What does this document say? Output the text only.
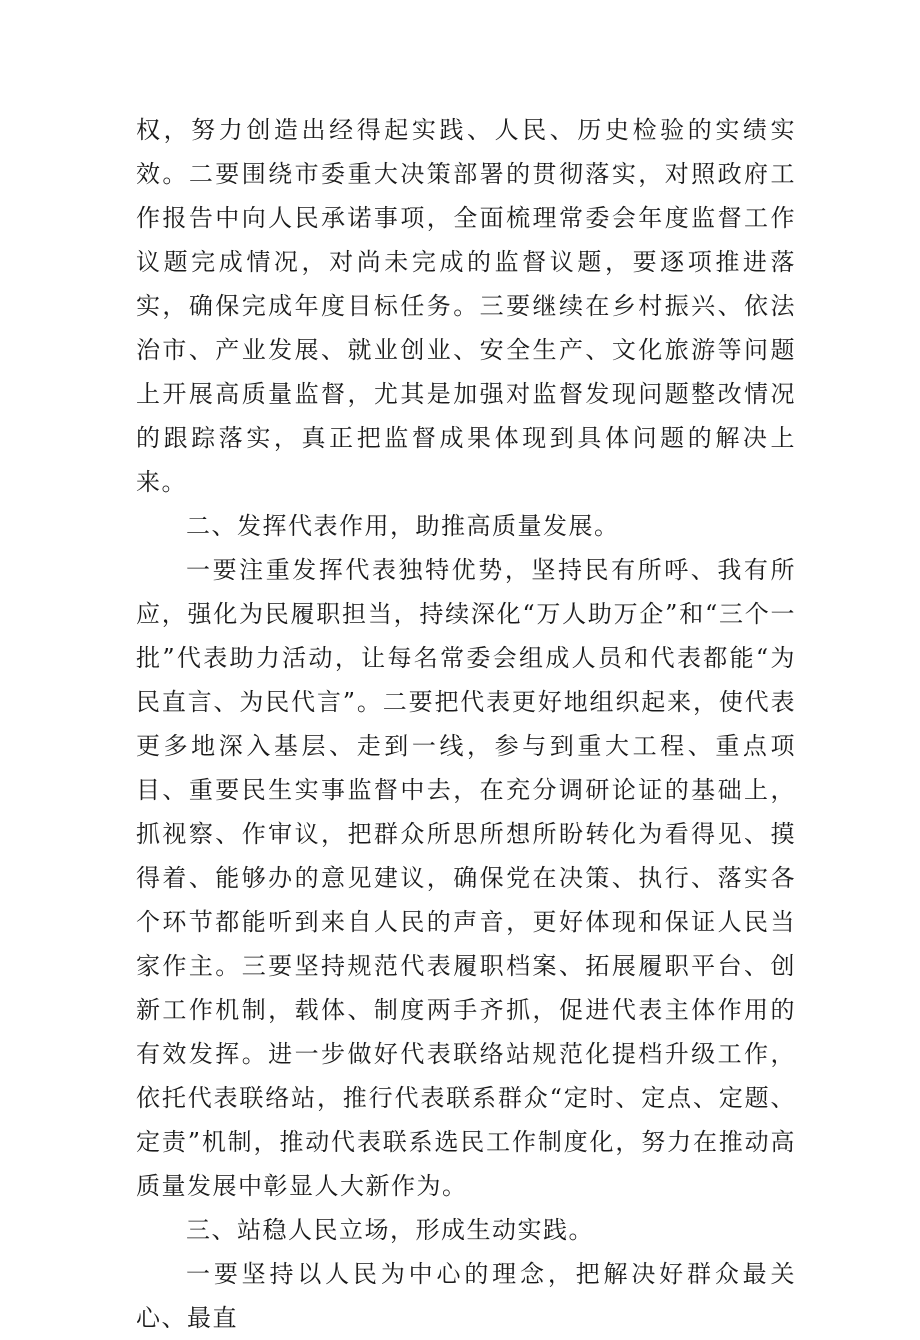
权，努力创造出经得起实践、人民、历史检验的实绩实效。二要围绕市委重大决策部署的贯彻落实，对照政府工作报告中向人民承诺事项，全面梳理常委会年度监督工作议题完成情况，对尚未完成的监督议题，要逐项推进落实，确保完成年度目标任务。三要继续在乡村振兴、依法治市、产业发展、就业创业、安全生产、文化旅游等问题上开展高质量监督，尤其是加强对监督发现问题整改情况的跟踪落实，真正把监督成果体现到具体问题的解决上来。

二、发挥代表作用，助推高质量发展。

一要注重发挥代表独特优势，坚持民有所呼、我有所应，强化为民履职担当，持续深化“万人助万企”和“三个一批”代表助力活动，让每名常委会组成人员和代表都能“为民直言、为民代言”。二要把代表更好地组织起来，使代表更多地深入基层、走到一线，参与到重大工程、重点项目、重要民生实事监督中去，在充分调研论证的基础上，抓视察、作审议，把群众所思所想所盼转化为看得见、摸得着、能够办的意见建议，确保党在决策、执行、落实各个环节都能听到来自人民的声音，更好体现和保证人民当家作主。三要坚持规范代表履职档案、拓展履职平台、创新工作机制，载体、制度两手齐抓，促进代表主体作用的有效发挥。进一步做好代表联络站规范化提档升级工作，依托代表联络站，推行代表联系群众“定时、定点、定题、定责”机制，推动代表联系选民工作制度化，努力在推动高质量发展中彰显人大新作为。

三、站稳人民立场，形成生动实践。

一要坚持以人民为中心的理念，把解决好群众最关心、最直
